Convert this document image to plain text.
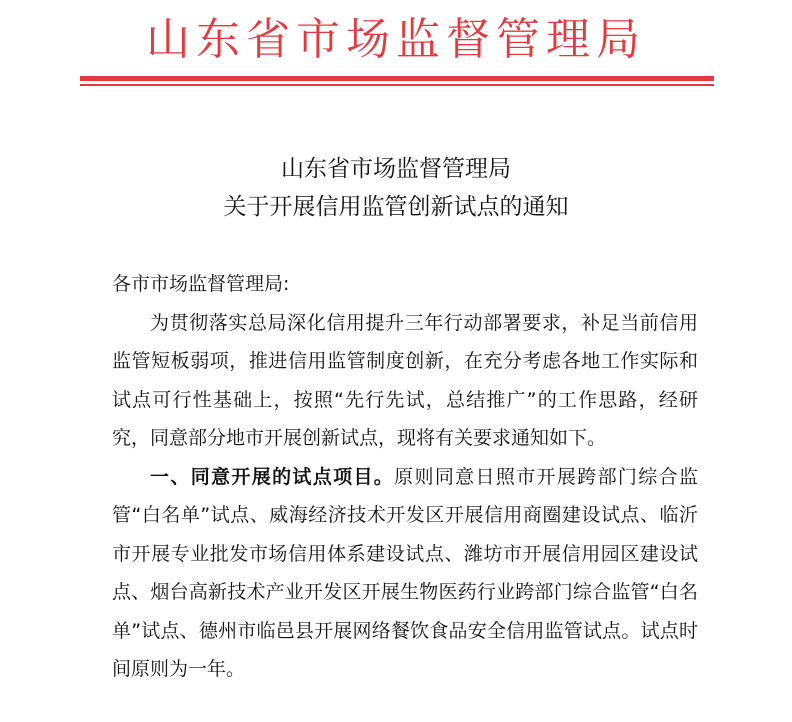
山东省市场监督管理局
山东省市场监督管理局
关于开展信用监管创新试点的通知

各市市场监督管理局:

为贯彻落实总局深化信用提升三年行动部署要求，补足当前信用监管短板弱项，推进信用监管制度创新，在充分考虑各地工作实际和试点可行性基础上，按照“先行先试，总结推广”的工作思路，经研究，同意部分地市开展创新试点，现将有关要求通知如下。

一、同意开展的试点项目。原则同意日照市开展跨部门综合监管“白名单”试点、威海经济技术开发区开展信用商圈建设试点、临沂市开展专业批发市场信用体系建设试点、潍坊市开展信用园区建设试点、烟台高新技术产业开发区开展生物医药行业跨部门综合监管“白名单”试点、德州市临邑县开展网络餐饮食品安全信用监管试点。试点时间原则为一年。
